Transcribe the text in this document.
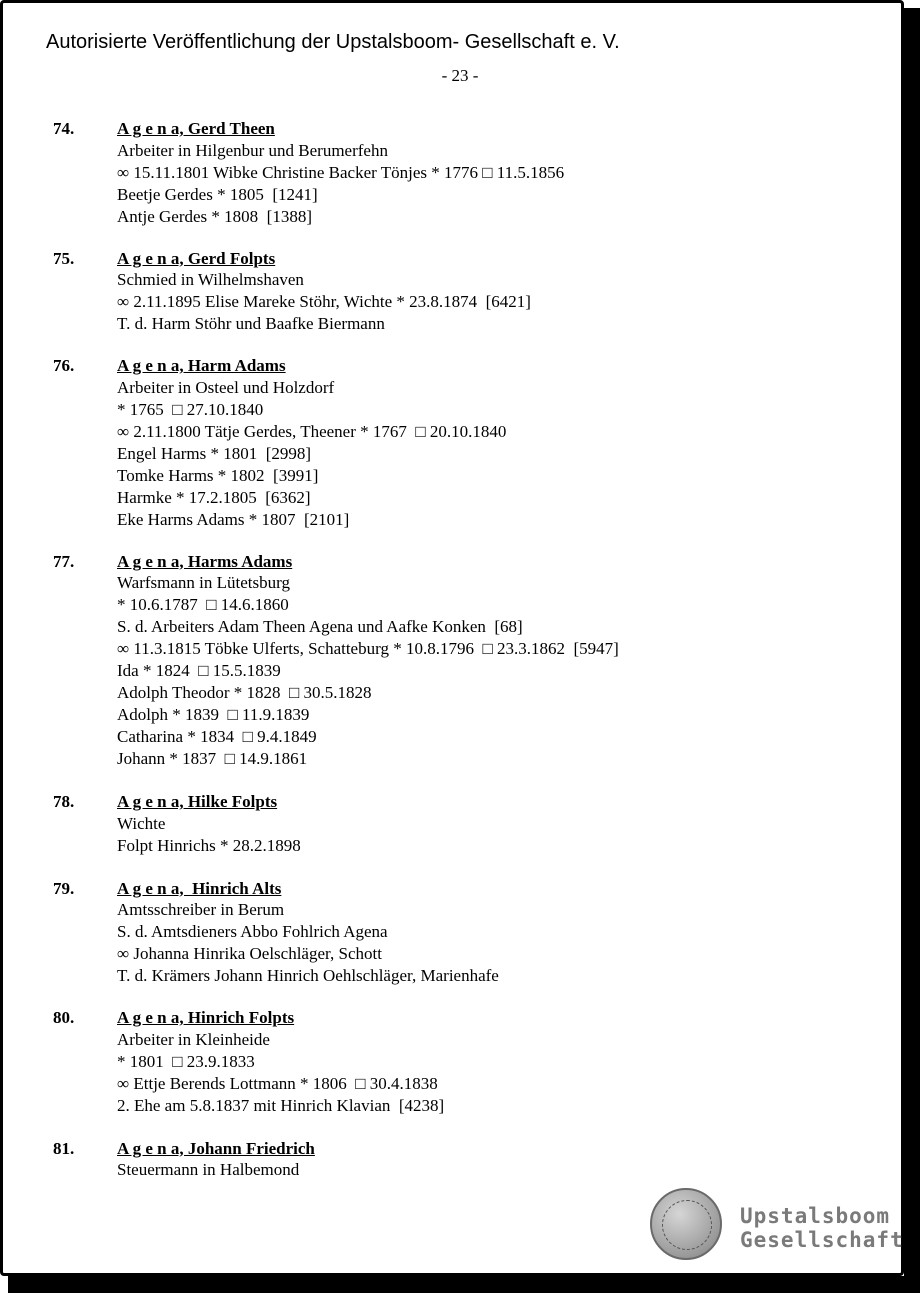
Autorisierte Veröffentlichung der Upstalsboom- Gesellschaft e. V.
- 23 -
74.	A g e n a, Gerd Theen
Arbeiter in Hilgenbur und Berumerfehn
∞ 15.11.1801 Wibke Christine Backer Tönjes * 1776 □ 11.5.1856
Beetje Gerdes * 1805  [1241]
Antje Gerdes * 1808  [1388]
75.	A g e n a, Gerd Folpts
Schmied in Wilhelmshaven
∞ 2.11.1895 Elise Mareke Stöhr, Wichte * 23.8.1874  [6421]
T. d. Harm Stöhr und Baafke Biermann
76.	A g e n a, Harm Adams
Arbeiter in Osteel und Holzdorf
* 1765  □ 27.10.1840
∞ 2.11.1800 Tätje Gerdes, Theener * 1767  □ 20.10.1840
Engel Harms * 1801  [2998]
Tomke Harms * 1802  [3991]
Harmke * 17.2.1805  [6362]
Eke Harms Adams * 1807  [2101]
77.	A g e n a, Harms Adams
Warfsmann in Lütetsburg
* 10.6.1787  □ 14.6.1860
S. d. Arbeiters Adam Theen Agena und Aafke Konken  [68]
∞ 11.3.1815 Töbke Ulferts, Schatteburg * 10.8.1796  □ 23.3.1862  [5947]
Ida * 1824  □ 15.5.1839
Adolph Theodor * 1828  □ 30.5.1828
Adolph * 1839  □ 11.9.1839
Catharina * 1834  □ 9.4.1849
Johann * 1837  □ 14.9.1861
78.	A g e n a, Hilke Folpts
Wichte
Folpt Hinrichs * 28.2.1898
79.	A g e n a,  Hinrich Alts
Amtsschreiber in Berum
S. d. Amtsdieners Abbo Fohlrich Agena
∞ Johanna Hinrika Oelschläger, Schott
T. d. Krämers Johann Hinrich Oehlschläger, Marienhafe
80.	A g e n a, Hinrich Folpts
Arbeiter in Kleinheide
* 1801  □ 23.9.1833
∞ Ettje Berends Lottmann * 1806  □ 30.4.1838
2. Ehe am 5.8.1837 mit Hinrich Klavian  [4238]
81.	A g e n a, Johann Friedrich
Steuermann in Halbemond
Upstalsboom
Gesellschaft
